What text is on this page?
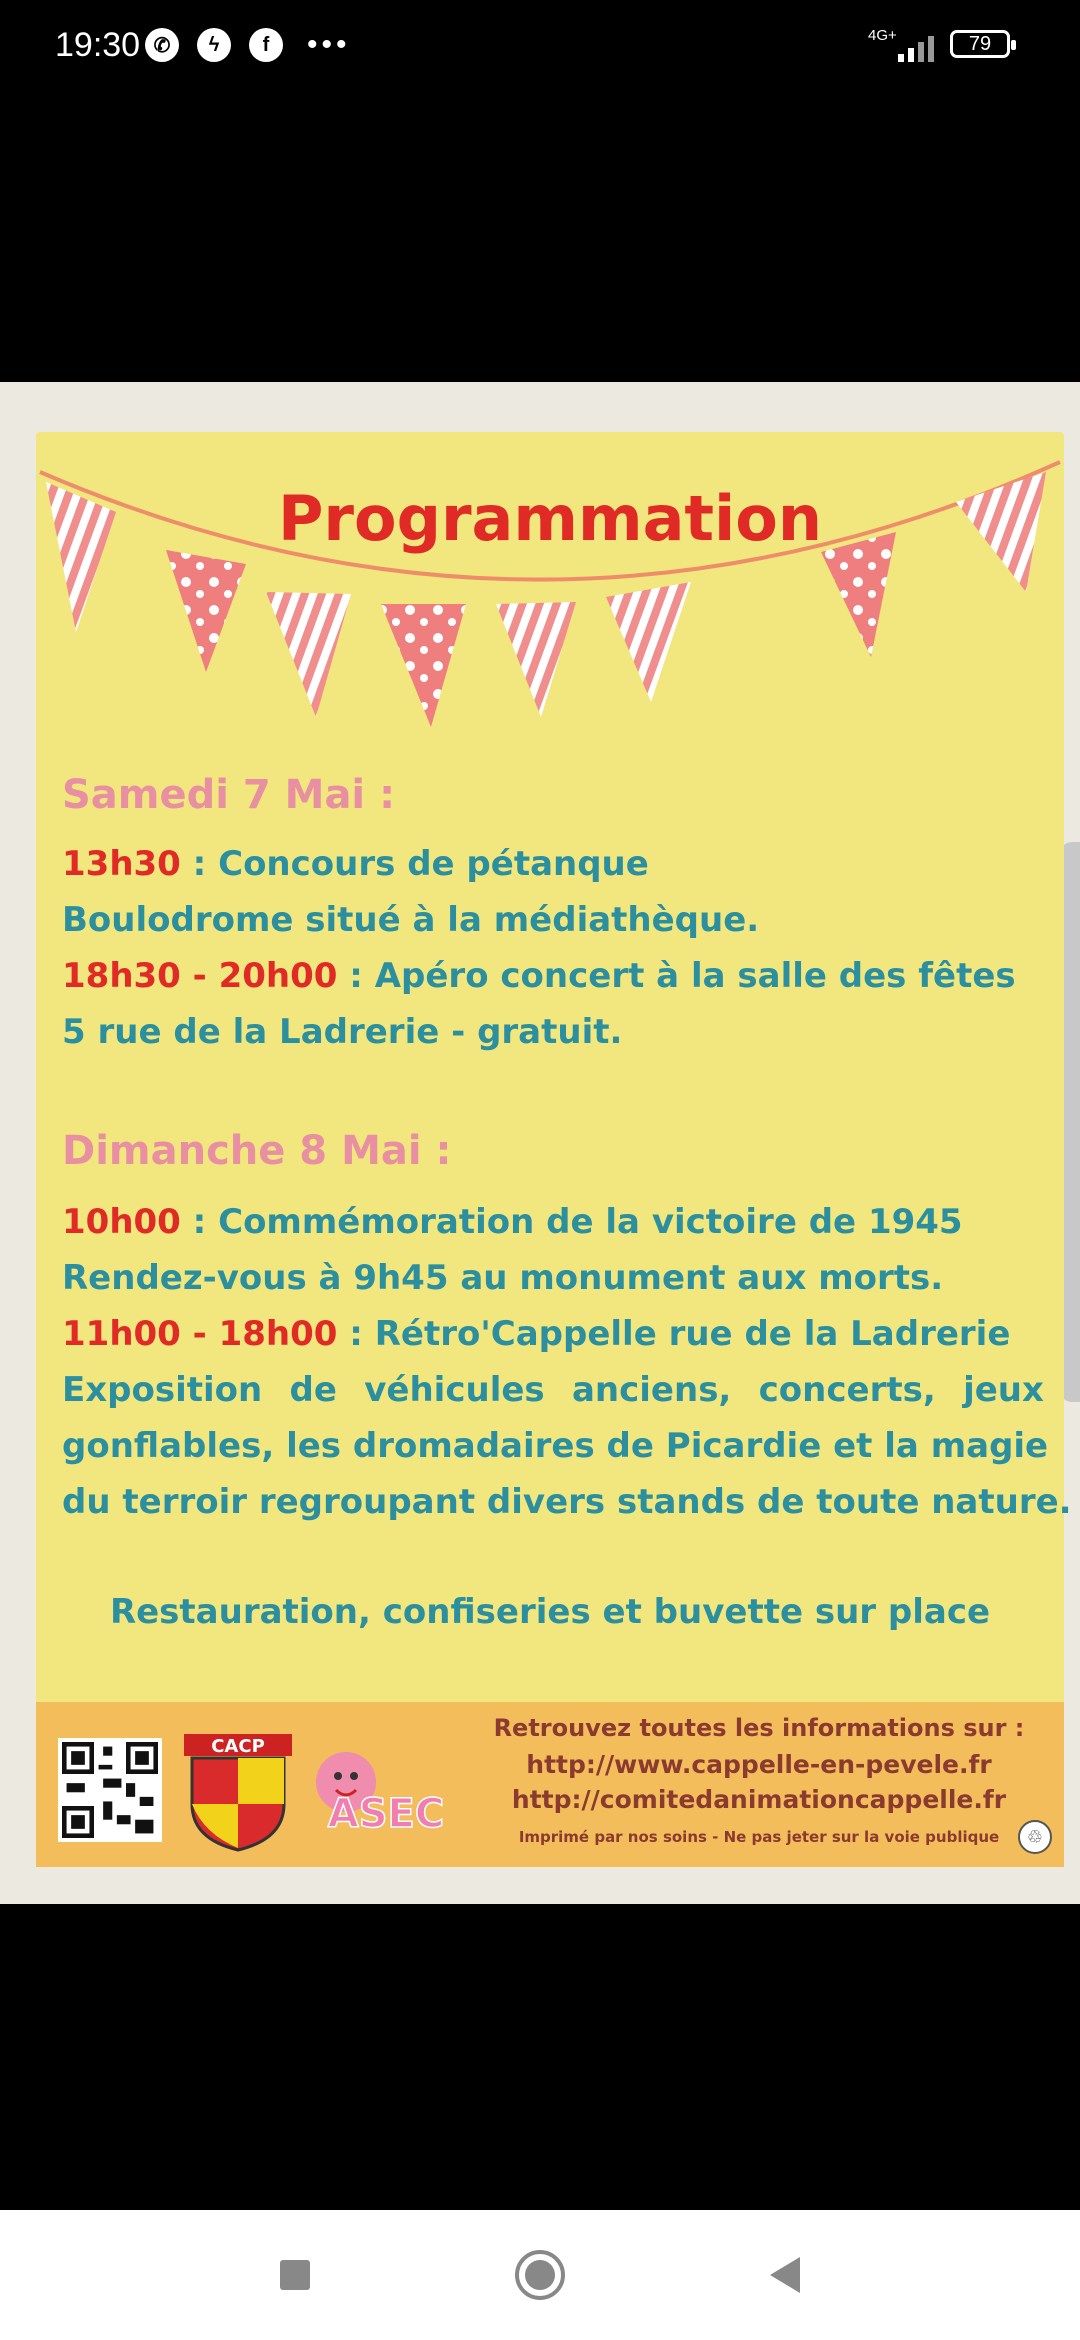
19:30 ✆	ϟ	f	•••	4G+	79
Programmation
Samedi 7 Mai :
13h30 : Concours de pétanque
Boulodrome situé à la médiathèque.
18h30 - 20h00 : Apéro concert à la salle des fêtes
5 rue de la Ladrerie - gratuit.
Dimanche 8 Mai :
10h00 : Commémoration de la victoire de 1945
Rendez-vous à 9h45 au monument aux morts.
11h00 - 18h00 : Rétro'Cappelle rue de la Ladrerie
Exposition de véhicules anciens, concerts, jeux
gonflables, les dromadaires de Picardie et la magie
du terroir regroupant divers stands de toute nature.
Restauration, confiseries et buvette sur place
CACP
ASEC
Retrouvez toutes les informations sur :
http://www.cappelle-en-pevele.fr
http://comitedanimationcappelle.fr
Imprimé par nos soins - Ne pas jeter sur la voie publique	♲
